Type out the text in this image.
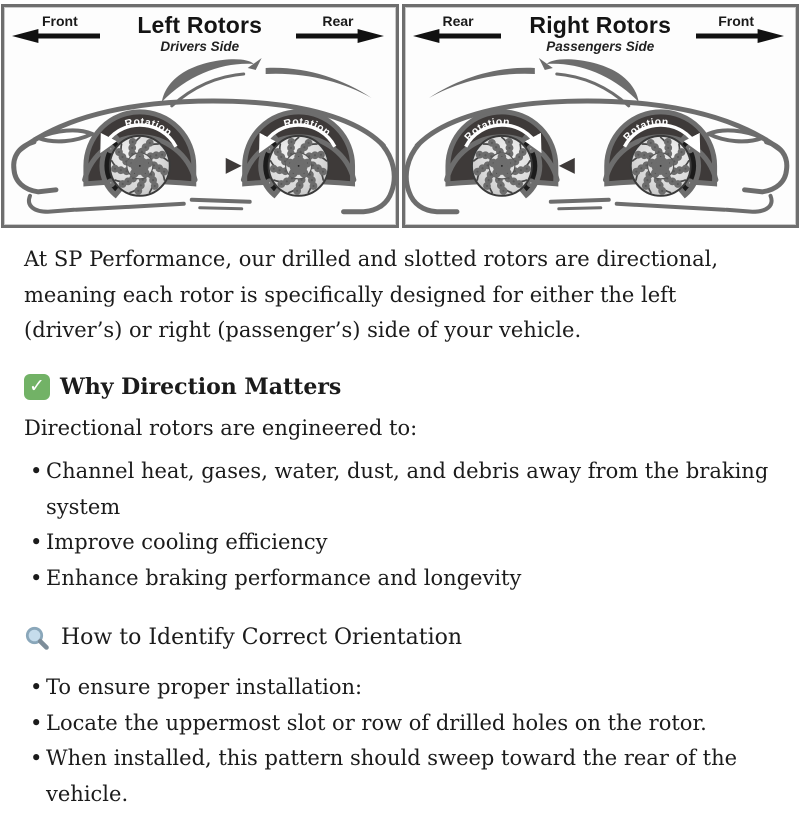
Front	Left Rotors
Drivers Side
Rear
Rotation
Rotation
Rear	Right Rotors
Passengers Side
Front
Rotation
Rotation

At SP Performance, our drilled and slotted rotors are directional, meaning each rotor is specifically designed for either the left (driver’s) or right (passenger’s) side of your vehicle.

✓ Why Direction Matters

Directional rotors are engineered to:

• Channel heat, gases, water, dust, and debris away from the braking system
• Improve cooling efficiency
• Enhance braking performance and longevity
How to Identify Correct Orientation
• To ensure proper installation:
• Locate the uppermost slot or row of drilled holes on the rotor.
• When installed, this pattern should sweep toward the rear of the vehicle.
